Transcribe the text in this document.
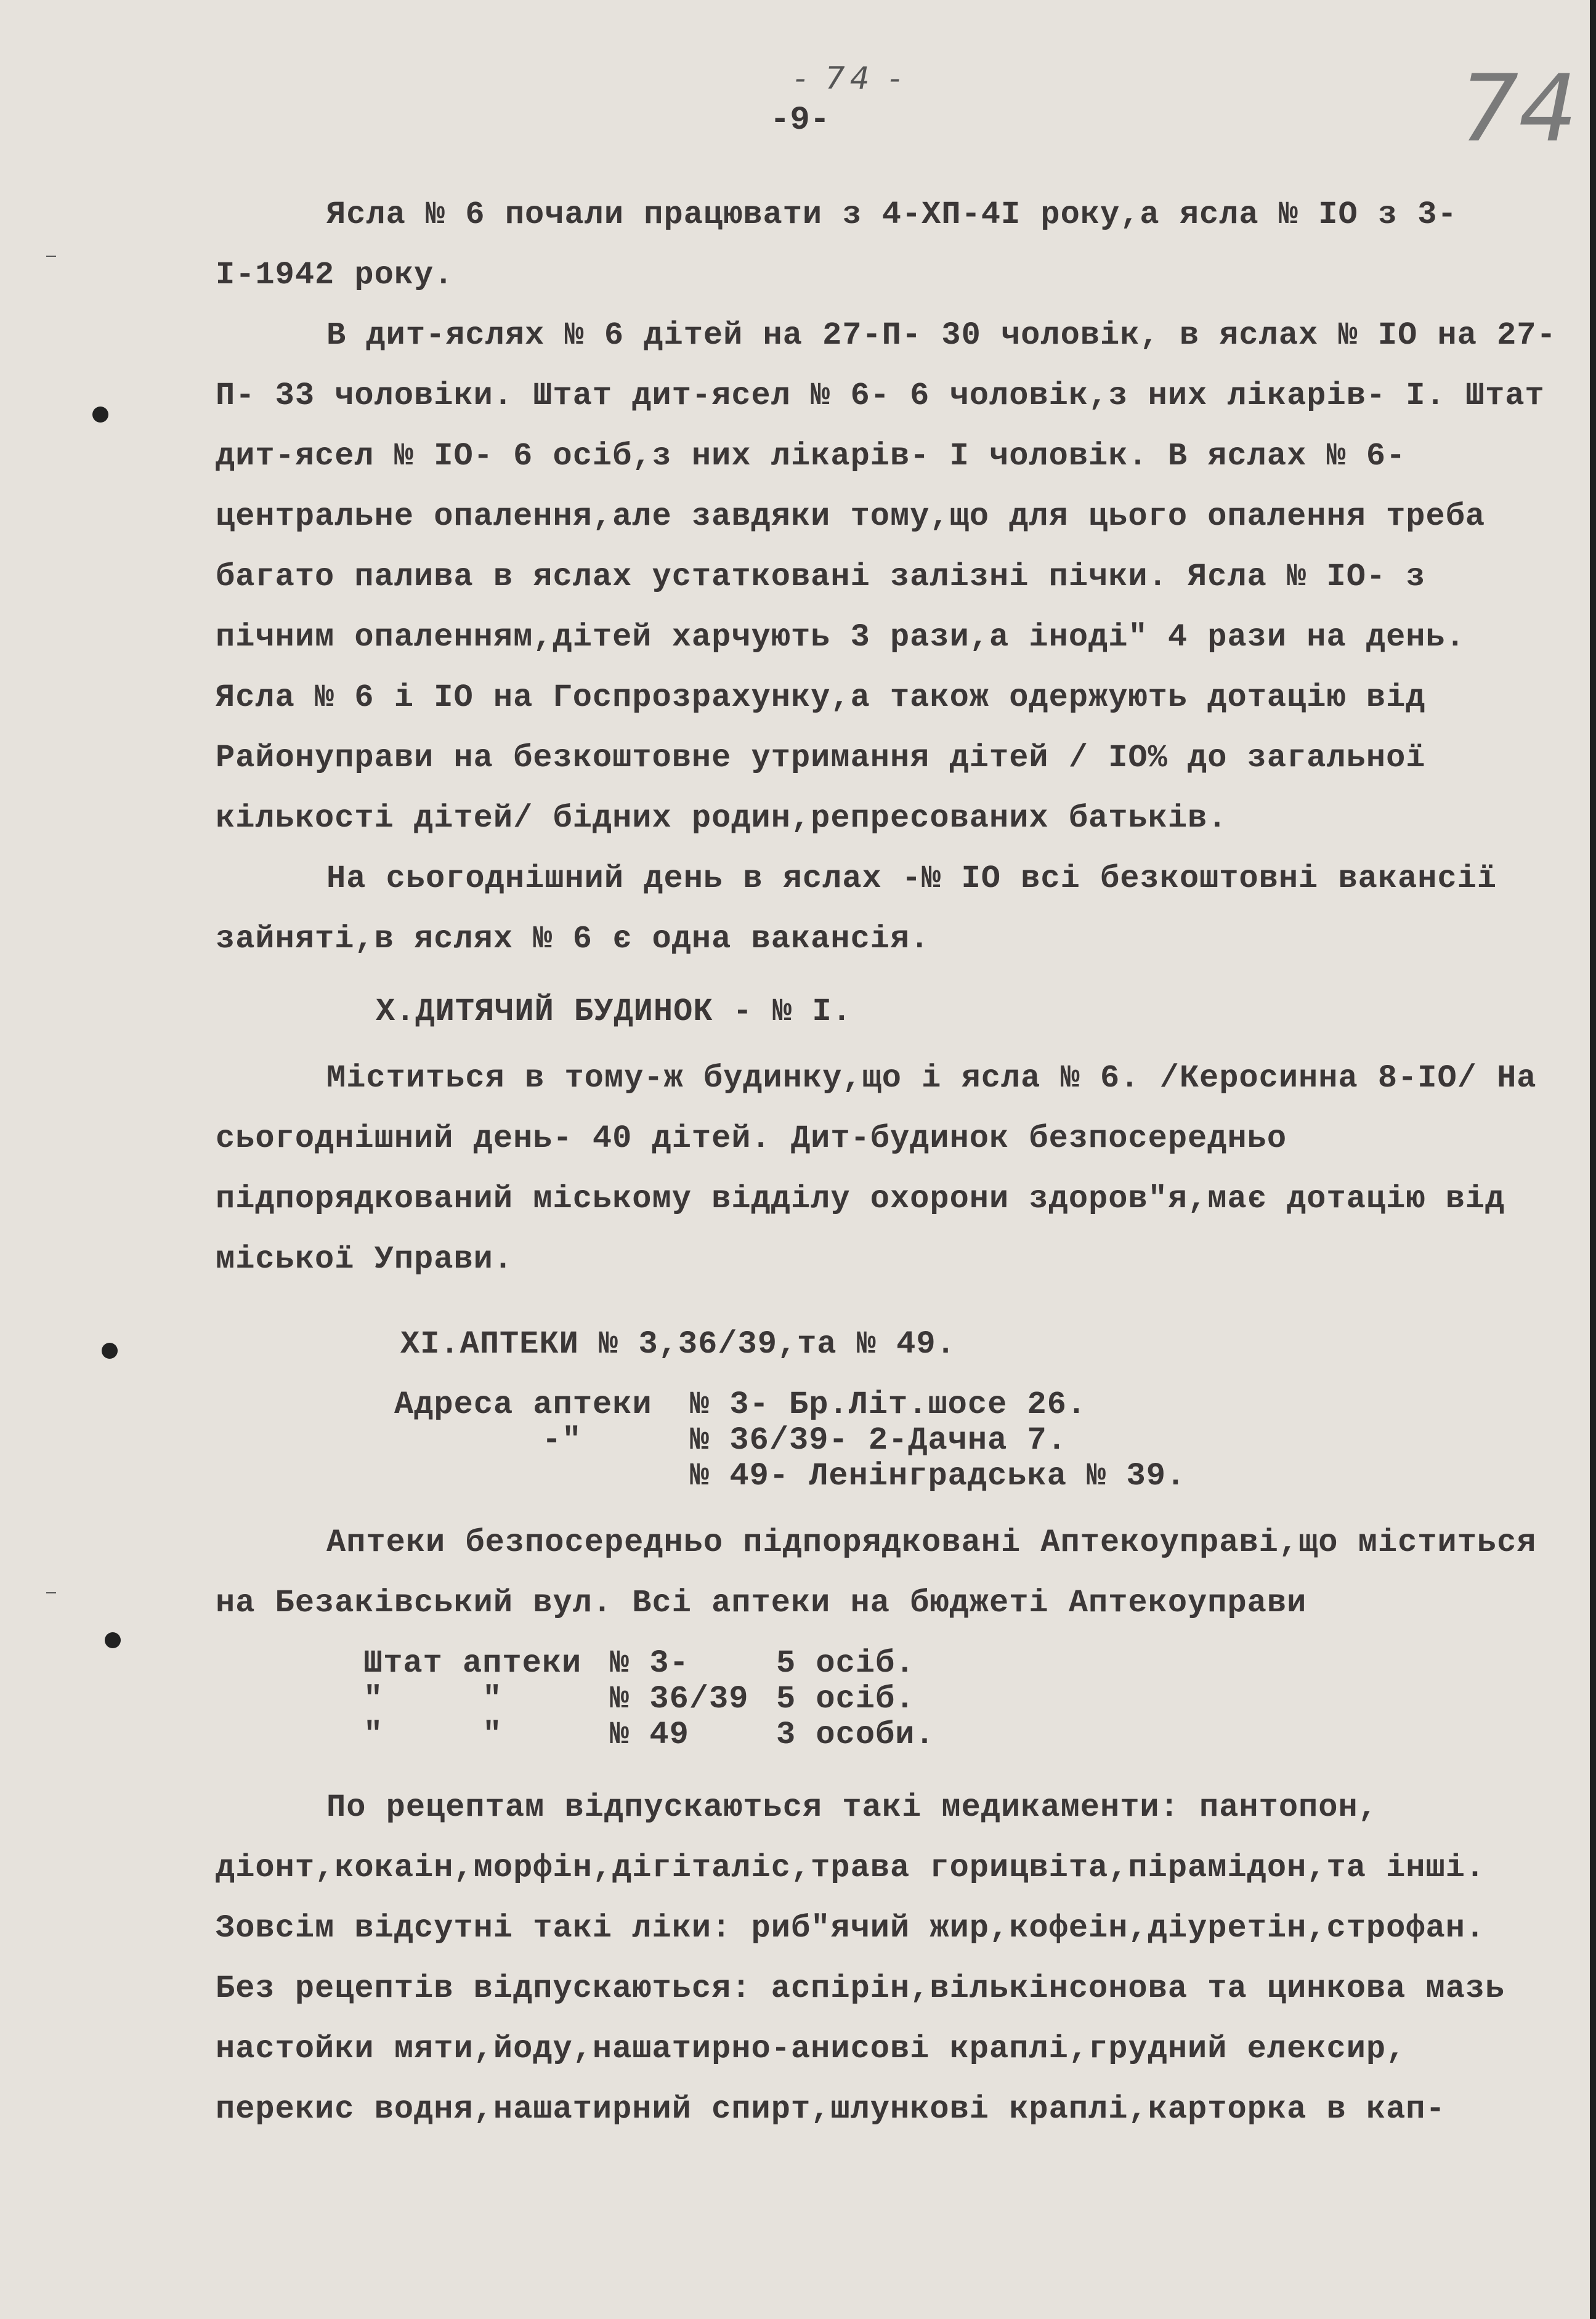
- 74 -	74
-9-

Ясла № 6 почали працювати з 4-ХП-4І року,а ясла № ІО з 3-І-1942 року.

В дит-яслях № 6 дітей на 27-П- 30 чоловік, в яслах № ІО на 27-П- 33 чоловіки. Штат дит-ясел № 6- 6 чоловік,з них лікарів- І. Штат дит-ясел № ІО- 6 осіб,з них лікарів- І чоловік. В яслах № 6- центральне опалення,але завдяки тому,що для цього опалення треба багато палива в яслах устатковані залізні пічки. Ясла № ІО- з пічним опаленням,дітей харчують 3 рази,а іноді" 4 рази на день. Ясла № 6 і ІО на Госпрозрахунку,а також одержують дотацію від Районуправи на безкоштовне утримання дітей / ІО% до загальної кількості дітей/ бідних родин,репресованих батьків.

На сьогоднішний день в яслах -№ ІО всі безкоштовні вакансії зайняті,в яслях № 6 є одна вакансія.

Х.ДИТЯЧИЙ БУДИНОК - № І.

Міститься в тому-ж будинку,що і ясла № 6. /Керосинна 8-ІО/ На сьогоднішний день- 40 дітей. Дит-будинок безпосередньо підпорядкований міському відділу охорони здоров"я,має дотацію від міської Управи.

ХІ.АПТЕКИ № 3,36/39,та № 49.

Адреса аптеки	№ 3- Бр.Літ.шосе 26.
-"	№ 36/39- 2-Дачна 7.
№ 49- Ленінградська № 39.

Аптеки безпосередньо підпорядковані Аптекоуправі,що міститься на Безаківський вул. Всі аптеки на бюджеті Аптекоуправи

Штат аптеки № 3-	5 осіб.
"     "	№ 36/39 5 осіб.
"     "	№ 49	3 особи.

По рецептам відпускаються такі медикаменти: пантопон, діонт,кокаін,морфін,дігіталіс,трава горицвіта,пірамідон,та інші. Зовсім відсутні такі ліки: риб"ячий жир,кофеін,діуретін,строфан. Без рецептів відпускаються: аспірін,вількінсонова та цинкова мазь настойки мяти,йоду,нашатирно-анисові краплі,грудний елексир, перекис водня,нашатирний спирт,шлункові краплі,карторка в кап-
